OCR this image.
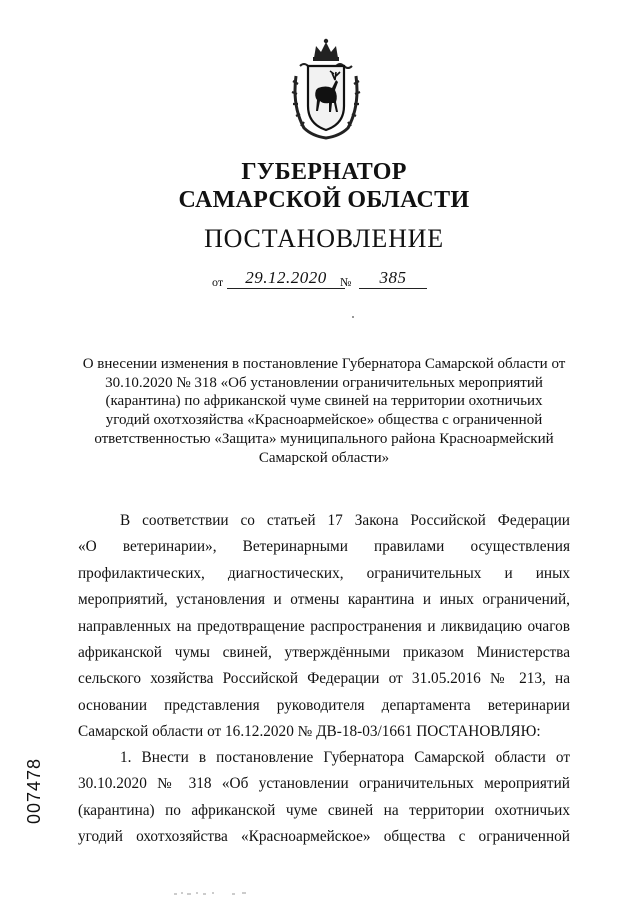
ГУБЕРНАТОР
САМАРСКОЙ ОБЛАСТИ
ПОСТАНОВЛЕНИЕ
от	29.12.2020	№	385
О внесении изменения в постановление Губернатора Самарской области от
30.10.2020 № 318 «Об установлении ограничительных мероприятий
(карантина) по африканской чуме свиней на территории охотничьих
угодий охотхозяйства «Красноармейское» общества с ограниченной
ответственностью «Защита» муниципального района Красноармейский
Самарской области»
В соответствии со статьей 17 Закона Российской Федерации
«О ветеринарии», Ветеринарными правилами осуществления
профилактических, диагностических, ограничительных и иных
мероприятий, установления и отмены карантина и иных ограничений,
направленных на предотвращение распространения и ликвидацию очагов
африканской чумы свиней, утверждёнными приказом Министерства
сельского хозяйства Российской Федерации от 31.05.2016 № 213, на
основании представления руководителя департамента ветеринарии
Самарской области от 16.12.2020 № ДВ-18-03/1661 ПОСТАНОВЛЯЮ:
1. Внести в постановление Губернатора Самарской области от
30.10.2020 № 318 «Об установлении ограничительных мероприятий
(карантина) по африканской чуме свиней на территории охотничьих
угодий охотхозяйства «Красноармейское» общества с ограниченной
007478
